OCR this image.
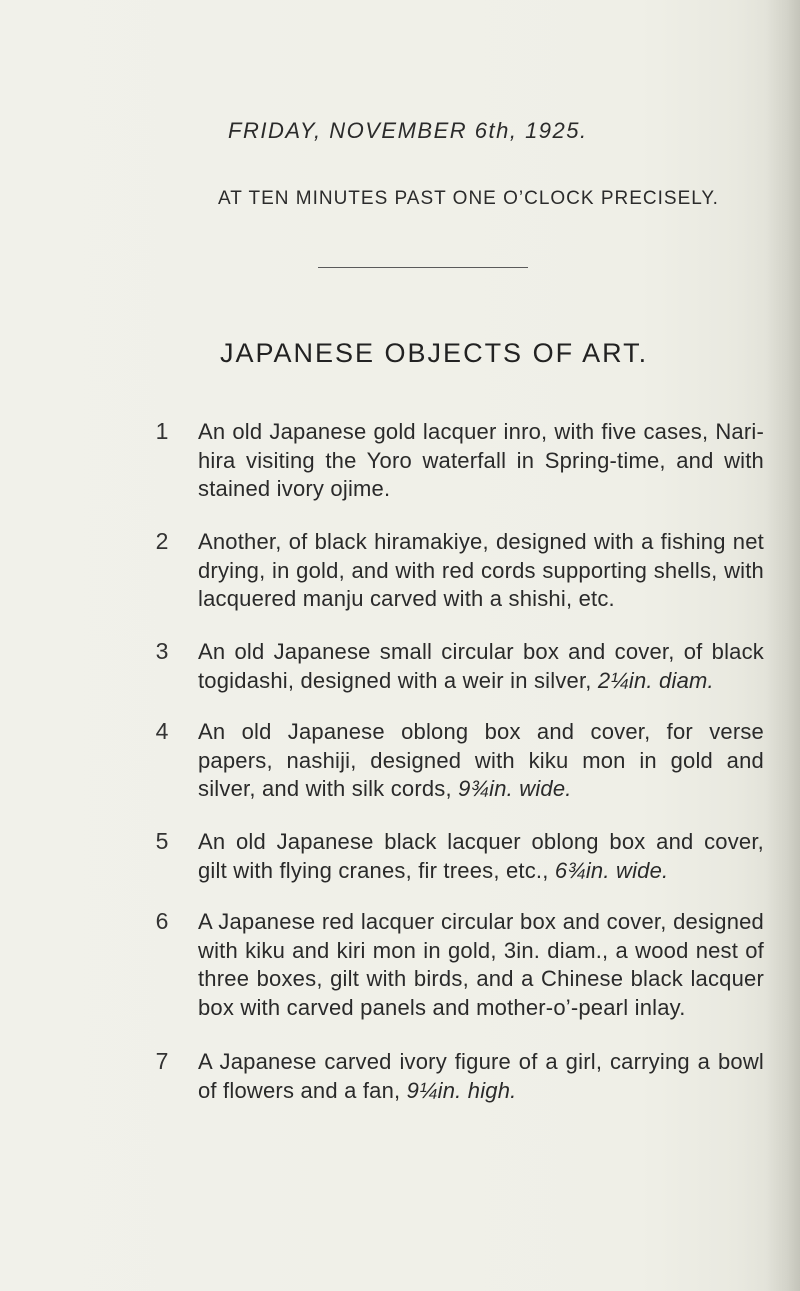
FRIDAY, NOVEMBER 6th, 1925.
AT TEN MINUTES PAST ONE O’CLOCK PRECISELY.
JAPANESE OBJECTS OF ART.
1 An old Japanese gold lacquer inro, with five cases, Nari-hira visiting the Yoro waterfall in Spring-time, and with stained ivory ojime.
2 Another, of black hiramakiye, designed with a fishing net drying, in gold, and with red cords supporting shells, with lacquered manju carved with a shishi, etc.
3 An old Japanese small circular box and cover, of black togidashi, designed with a weir in silver, 2¼in. diam.
4 An old Japanese oblong box and cover, for verse papers, nashiji, designed with kiku mon in gold and silver, and with silk cords, 9¾in. wide.
5 An old Japanese black lacquer oblong box and cover, gilt with flying cranes, fir trees, etc., 6¾in. wide.
6 A Japanese red lacquer circular box and cover, designed with kiku and kiri mon in gold, 3in. diam., a wood nest of three boxes, gilt with birds, and a Chinese black lacquer box with carved panels and mother-o’-pearl inlay.
7 A Japanese carved ivory figure of a girl, carrying a bowl of flowers and a fan, 9¼in. high.
